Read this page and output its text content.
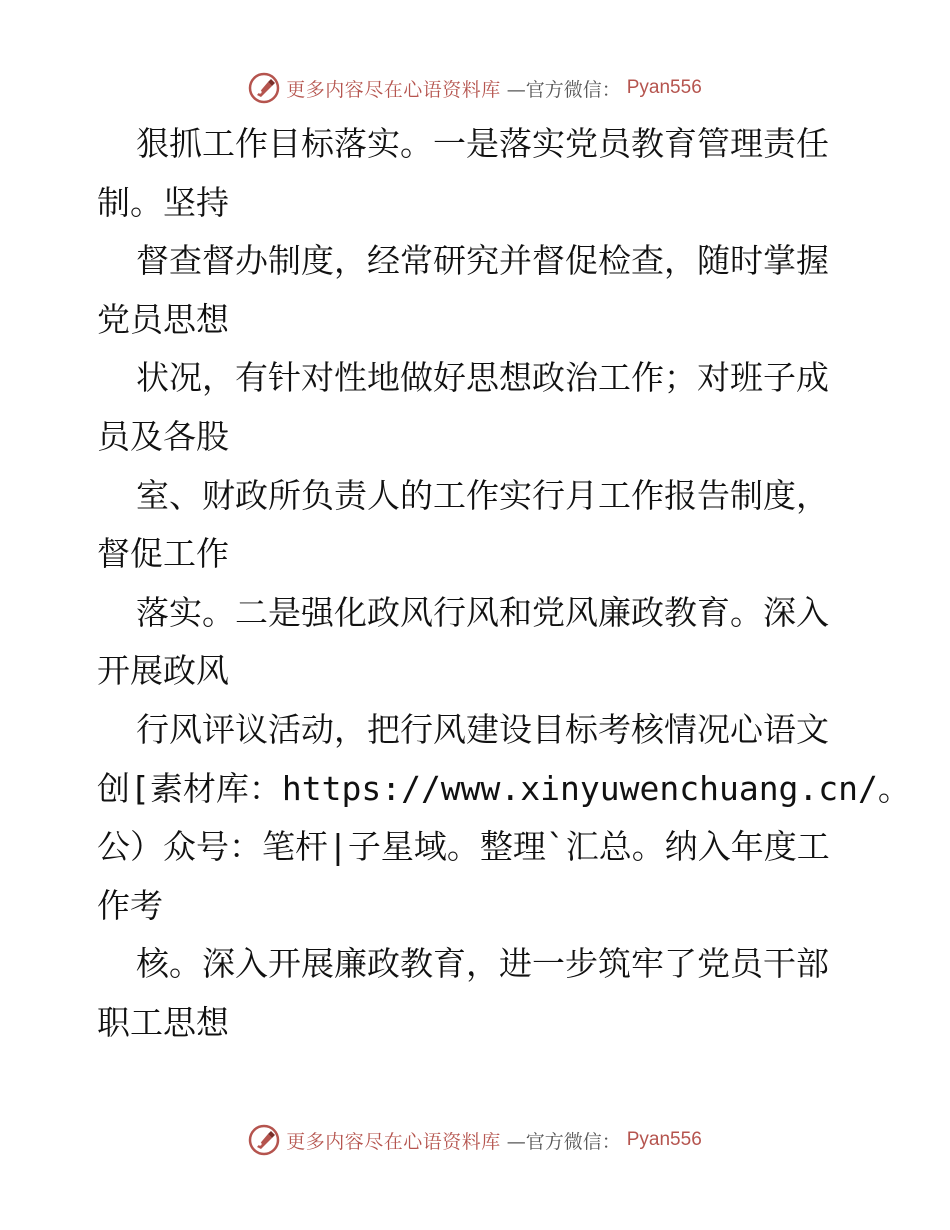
更多内容尽在心语资料库 —官方微信： Pyan556
狠抓工作目标落实。一是落实党员教育管理责任
制。坚持
督查督办制度，经常研究并督促检查，随时掌握
党员思想
状况，有针对性地做好思想政治工作；对班子成
员及各股
室、财政所负责人的工作实行月工作报告制度，
督促工作
落实。二是强化政风行风和党风廉政教育。深入
开展政风
行风评议活动，把行风建设目标考核情况心语文
创[素材库：https://www.xinyuwenchuang.cn/。
公）众号：笔杆|子星域。整理`汇总。纳入年度工
作考
核。深入开展廉政教育，进一步筑牢了党员干部
职工思想
更多内容尽在心语资料库 —官方微信： Pyan556
